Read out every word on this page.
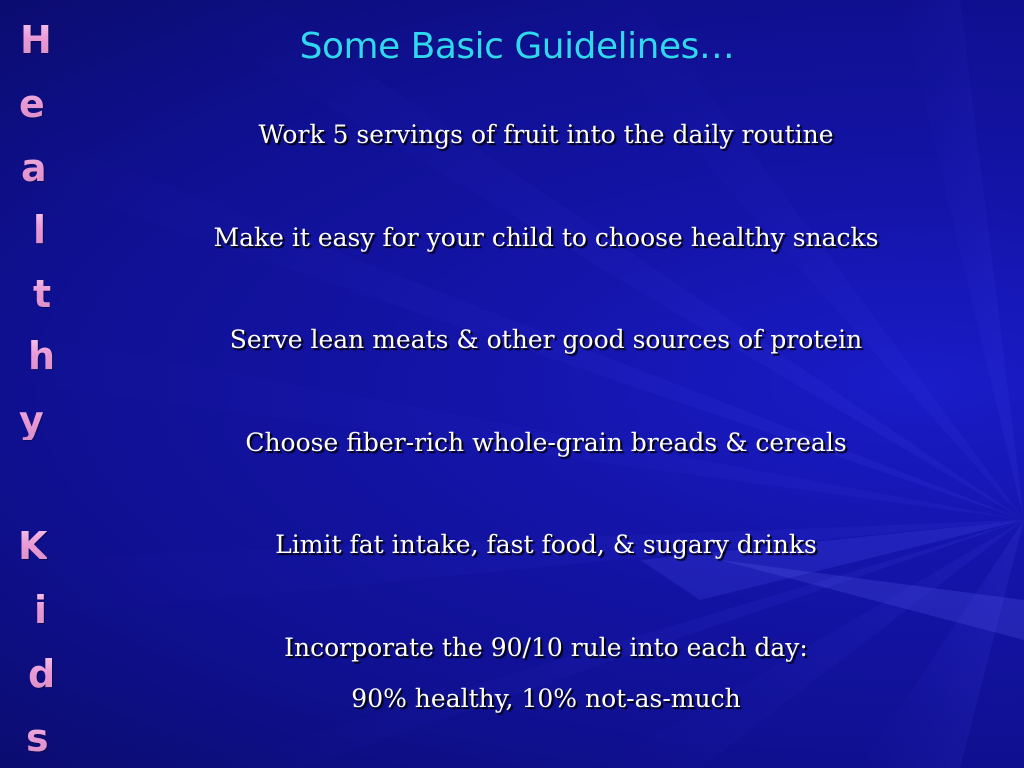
H
e
a
l
t
h
y
K
i
d
s
Some Basic Guidelines…
Work 5 servings of fruit into the daily routine
Make it easy for your child to choose healthy snacks
Serve lean meats & other good sources of protein
Choose fiber-rich whole-grain breads & cereals
Limit fat intake, fast food, & sugary drinks
Incorporate the 90/10 rule into each day:
90% healthy, 10% not-as-much
